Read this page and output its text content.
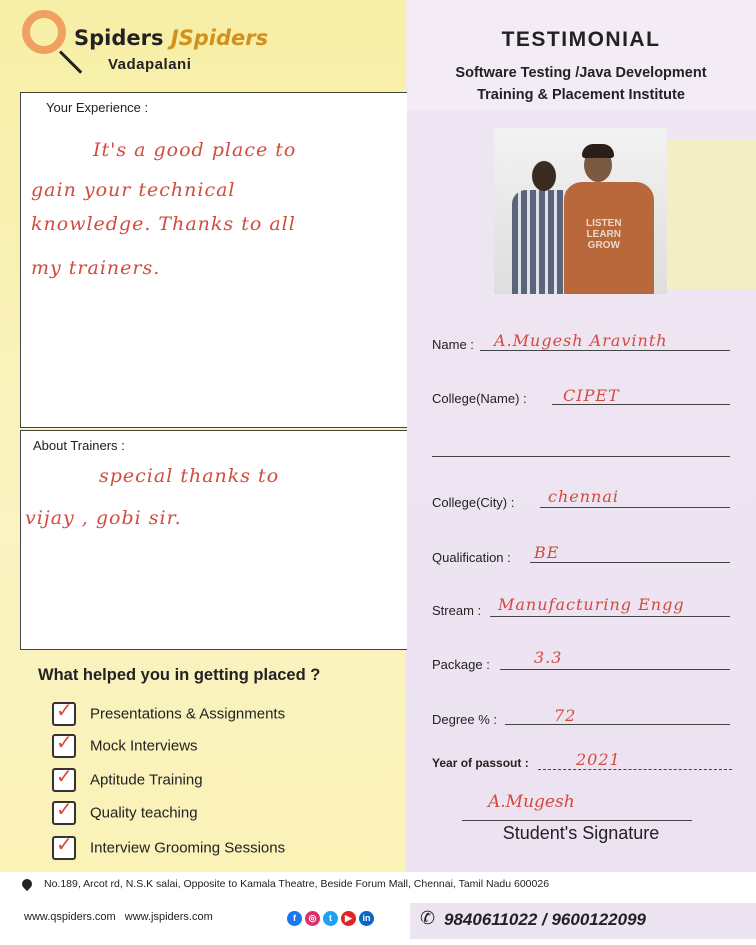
Spiders JSpiders
Vadapalani
TESTIMONIAL
Software Testing /Java Development
Training & Placement Institute
Your Experience :
It's a good place to
gain your technical
knowledge. Thanks to all
my trainers.
About Trainers :
special thanks to
vijay , gobi sir.
LISTEN
LEARN
GROW
Name : A.Mugesh Aravinth
College(Name) : CIPET
College(City) : chennai
Qualification : BE
Stream : Manufacturing Engg
Package :	3.3
Degree % :	72
Year of passout :	2021
What helped you in getting placed ?
✓ Presentations & Assignments
✓ Mock Interviews
✓ Aptitude Training
✓ Quality teaching
✓ Interview Grooming Sessions
A.Mugesh
Student's Signature
No.189, Arcot rd, N.S.K salai, Opposite to Kamala Theatre, Beside Forum Mall, Chennai, Tamil Nadu 600026
www.qspiders.com www.jspiders.com	f ◎ t ▶ in	✆ 9840611022 / 9600122099
